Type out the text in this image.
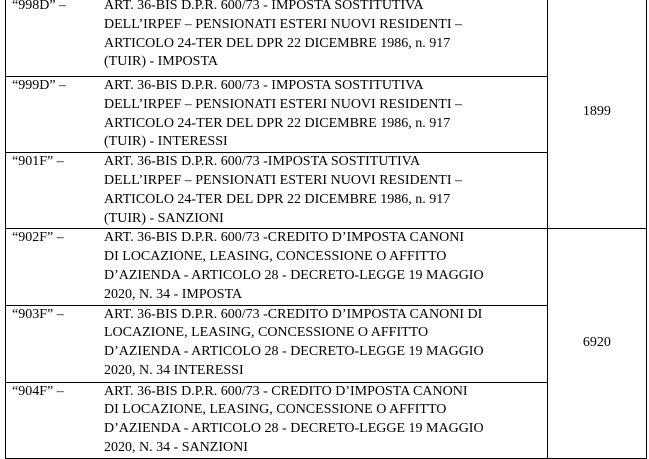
“998D” – ART. 36-BIS D.P.R. 600/73 - IMPOSTA SOSTITUTIVA
DELL’IRPEF – PENSIONATI ESTERI NUOVI RESIDENTI –
ARTICOLO 24-TER DEL DPR 22 DICEMBRE 1986, n. 917
(TUIR) - IMPOSTA	1899

“999D” – ART. 36-BIS D.P.R. 600/73 - IMPOSTA SOSTITUTIVA
DELL’IRPEF – PENSIONATI ESTERI NUOVI RESIDENTI –
ARTICOLO 24-TER DEL DPR 22 DICEMBRE 1986, n. 917
(TUIR) - INTERESSI	

“901F” – ART. 36-BIS D.P.R. 600/73 -IMPOSTA SOSTITUTIVA
DELL’IRPEF – PENSIONATI ESTERI NUOVI RESIDENTI –
ARTICOLO 24-TER DEL DPR 22 DICEMBRE 1986, n. 917
(TUIR) - SANZIONI	

“902F” – ART. 36-BIS D.P.R. 600/73 -CREDITO D’IMPOSTA CANONI
DI LOCAZIONE, LEASING, CONCESSIONE O AFFITTO
D’AZIENDA - ARTICOLO 28 - DECRETO-LEGGE 19 MAGGIO
2020, N. 34 - IMPOSTA	6920

“903F” – ART. 36-BIS D.P.R. 600/73 -CREDITO D’IMPOSTA CANONI DI
LOCAZIONE, LEASING, CONCESSIONE O AFFITTO
D’AZIENDA - ARTICOLO 28 - DECRETO-LEGGE 19 MAGGIO
2020, N. 34 INTERESSI	

“904F” – ART. 36-BIS D.P.R. 600/73 - CREDITO D’IMPOSTA CANONI
DI LOCAZIONE, LEASING, CONCESSIONE O AFFITTO
D’AZIENDA - ARTICOLO 28 - DECRETO-LEGGE 19 MAGGIO
2020, N. 34 - SANZIONI	
